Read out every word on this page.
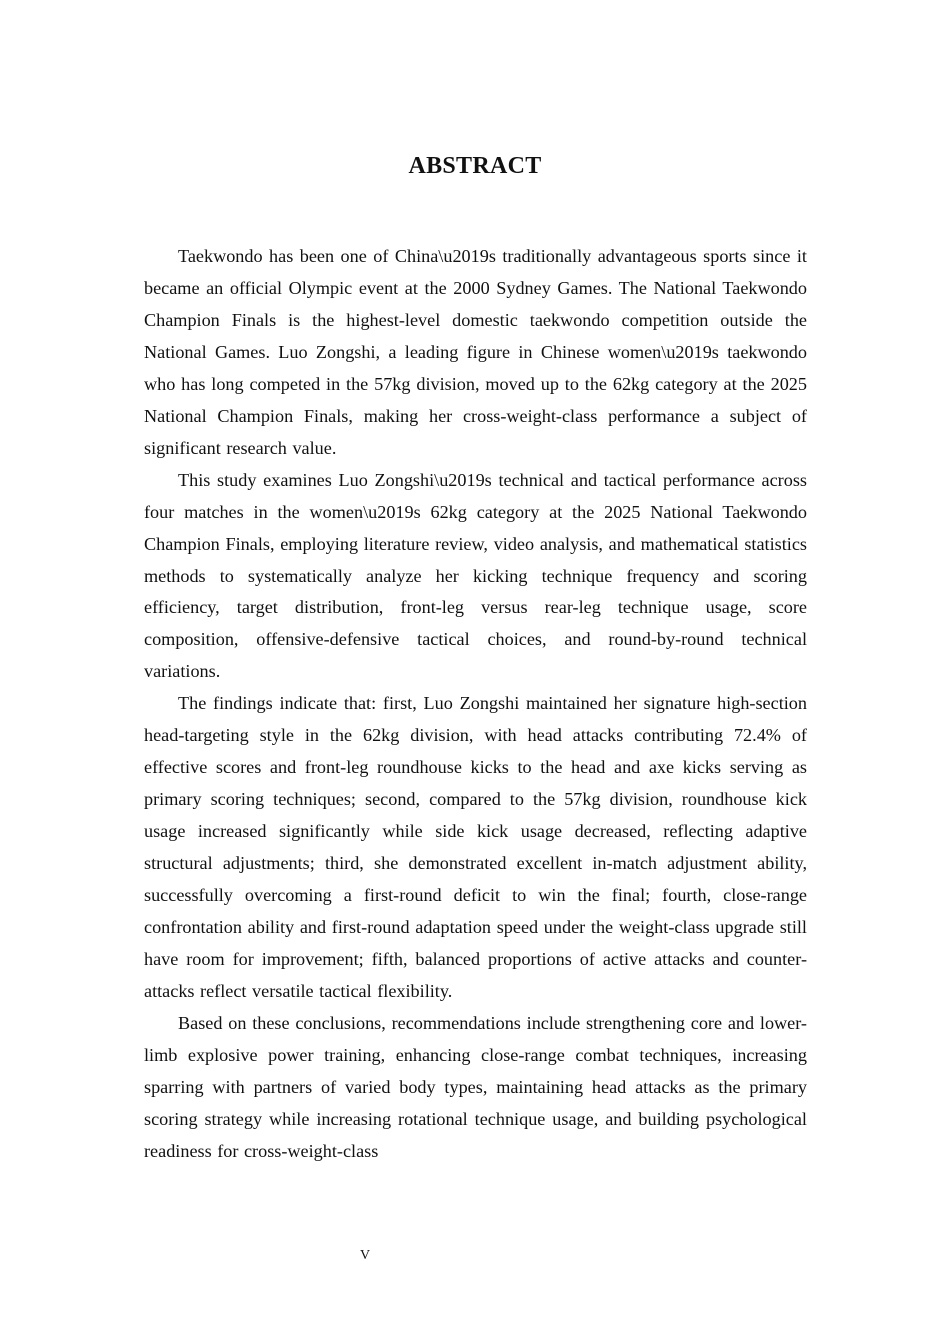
ABSTRACT

Taekwondo has been one of China\u2019s traditionally advantageous sports since it became an official Olympic event at the 2000 Sydney Games. The National Taekwondo Champion Finals is the highest-level domestic taekwondo competition outside the National Games. Luo Zongshi, a leading figure in Chinese women\u2019s taekwondo who has long competed in the 57kg division, moved up to the 62kg category at the 2025 National Champion Finals, making her cross-weight-class performance a subject of significant research value.

This study examines Luo Zongshi\u2019s technical and tactical performance across four matches in the women\u2019s 62kg category at the 2025 National Taekwondo Champion Finals, employing literature review, video analysis, and mathematical statistics methods to systematically analyze her kicking technique frequency and scoring efficiency, target distribution, front-leg versus rear-leg technique usage, score composition, offensive-defensive tactical choices, and round-by-round technical variations.

The findings indicate that: first, Luo Zongshi maintained her signature high-section head-targeting style in the 62kg division, with head attacks contributing 72.4% of effective scores and front-leg roundhouse kicks to the head and axe kicks serving as primary scoring techniques; second, compared to the 57kg division, roundhouse kick usage increased significantly while side kick usage decreased, reflecting adaptive structural adjustments; third, she demonstrated excellent in-match adjustment ability, successfully overcoming a first-round deficit to win the final; fourth, close-range confrontation ability and first-round adaptation speed under the weight-class upgrade still have room for improvement; fifth, balanced proportions of active attacks and counter-attacks reflect versatile tactical flexibility.

Based on these conclusions, recommendations include strengthening core and lower-limb explosive power training, enhancing close-range combat techniques, increasing sparring with partners of varied body types, maintaining head attacks as the primary scoring strategy while increasing rotational technique usage, and building psychological readiness for cross-weight-class

V
